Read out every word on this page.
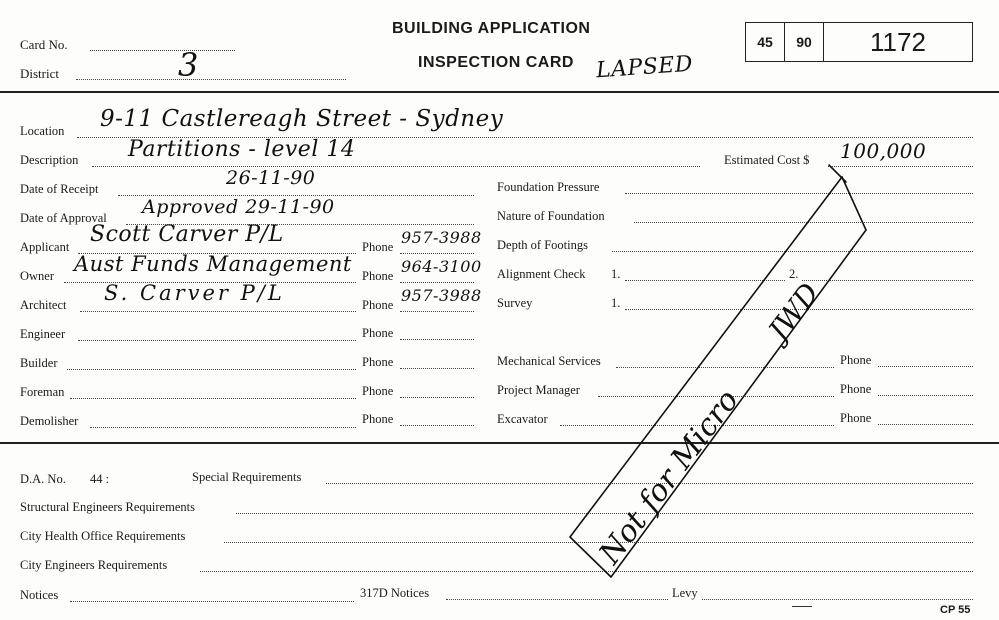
Card No.
District	3
BUILDING APPLICATION
INSPECTION CARD LAPSED
45	90	1172
Location 9-11 Castlereagh Street - Sydney
Description Partitions - level 14	Estimated Cost $ 100,000
Date of Receipt	26-11-90	Foundation Pressure
Date of Approval Approved 29-11-90	Nature of Foundation
Applicant Scott Carver P/L	Phone 957-3988 Depth of Footings
Owner Aust Funds Management Phone 964-3100 Alignment Check 1.	2.
Architect S. Carver P/L	Phone 957-3988 Survey	1.
Engineer	Phone
Builder	Phone	Mechanical Services	Phone
Foreman	Phone	Project Manager	Phone
Demolisher	Phone	Excavator	Phone
D.A. No. 44 :	Special Requirements
Structural Engineers Requirements
City Health Office Requirements
City Engineers Requirements
Notices	317D Notices	Levy
CP 55
Not for Micro
JWD
